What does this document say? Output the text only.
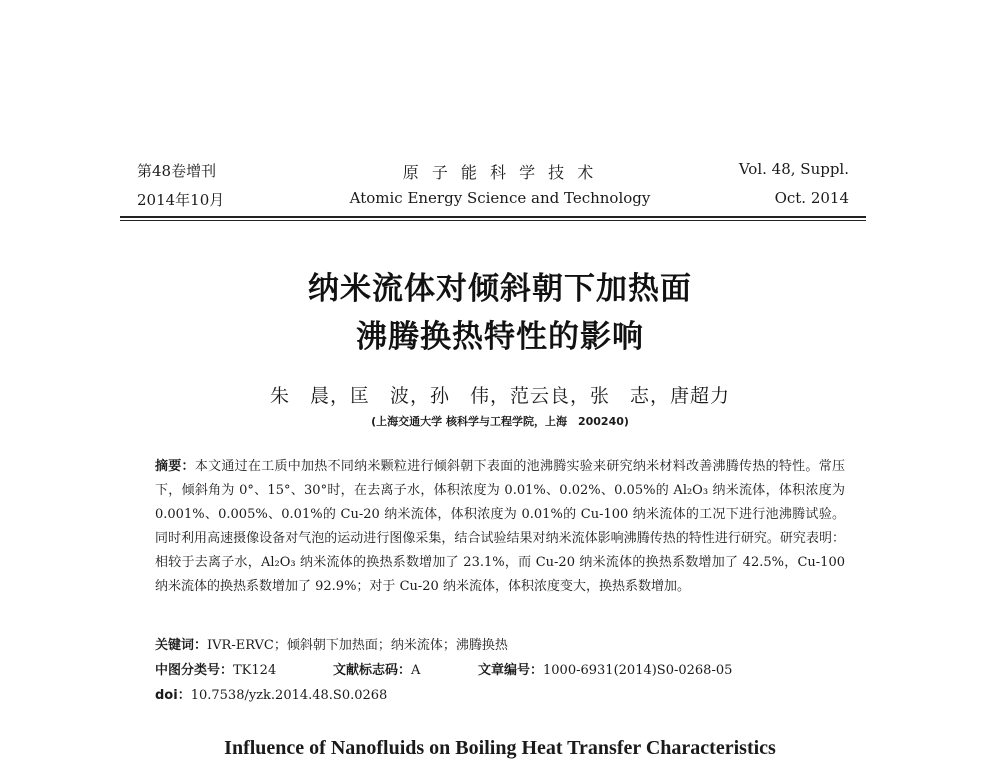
第48卷增刊
2014年10月
原 子 能 科 学 技 术
Atomic Energy Science and Technology
Vol. 48, Suppl.
Oct. 2014
纳米流体对倾斜朝下加热面
沸腾换热特性的影响
朱　晨，匡　波，孙　伟，范云良，张　志，唐超力
(上海交通大学 核科学与工程学院，上海　200240)
摘要：本文通过在工质中加热不同纳米颗粒进行倾斜朝下表面的池沸腾实验来研究纳米材料改善沸腾传热的特性。常压下，倾斜角为 0°、15°、30°时，在去离子水，体积浓度为 0.01%、0.02%、0.05%的 Al₂O₃ 纳米流体，体积浓度为 0.001%、0.005%、0.01%的 Cu-20 纳米流体，体积浓度为 0.01%的 Cu-100 纳米流体的工况下进行池沸腾试验。同时利用高速摄像设备对气泡的运动进行图像采集，结合试验结果对纳米流体影响沸腾传热的特性进行研究。研究表明：相较于去离子水，Al₂O₃ 纳米流体的换热系数增加了 23.1%，而 Cu-20 纳米流体的换热系数增加了 42.5%，Cu-100 纳米流体的换热系数增加了 92.9%；对于 Cu-20 纳米流体，体积浓度变大，换热系数增加。
关键词：IVR-ERVC；倾斜朝下加热面；纳米流体；沸腾换热
中图分类号：TK124	文献标志码：A	文章编号：1000-6931(2014)S0-0268-05
doi：10.7538/yzk.2014.48.S0.0268
Influence of Nanofluids on Boiling Heat Transfer Characteristics
